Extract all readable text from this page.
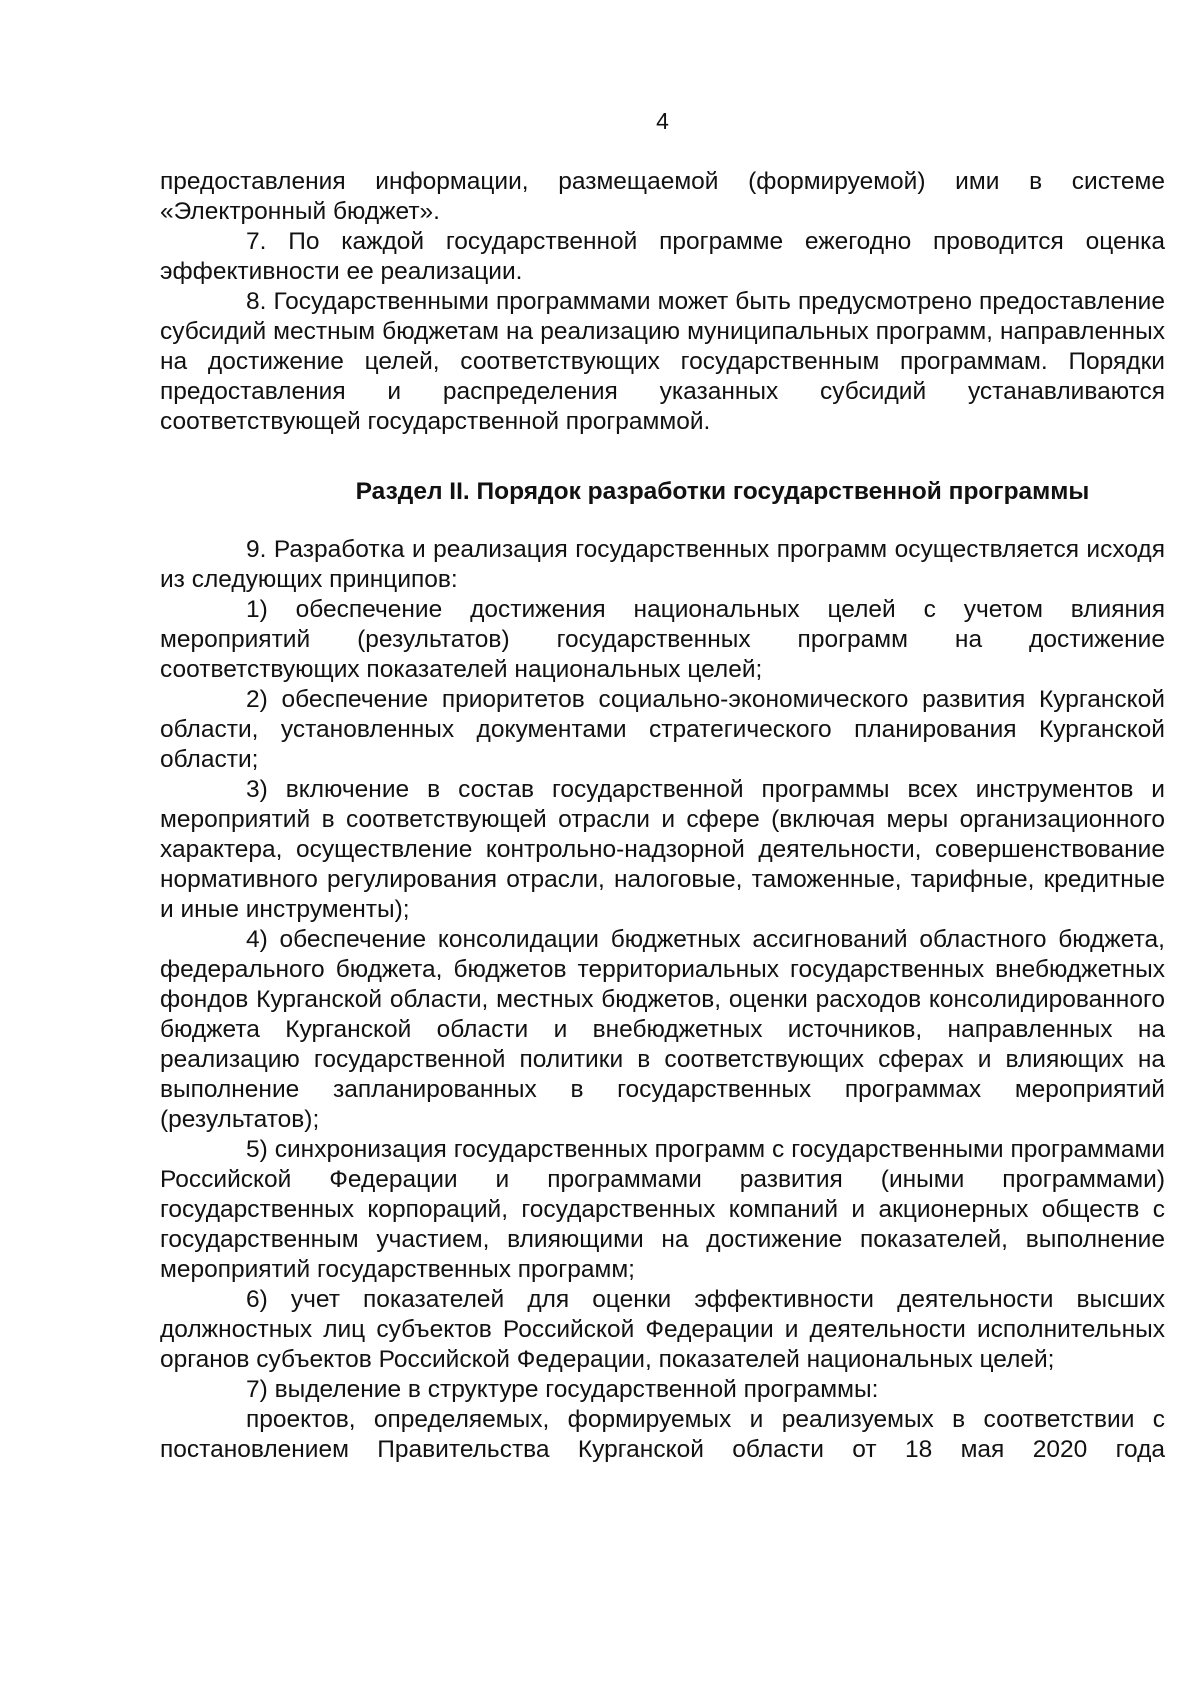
4

предоставления информации, размещаемой (формируемой) ими в системе «Электронный бюджет».

7. По каждой государственной программе ежегодно проводится оценка эффективности ее реализации.

8. Государственными программами может быть предусмотрено предоставление субсидий местным бюджетам на реализацию муниципальных программ, направленных на достижение целей, соответствующих государственным программам. Порядки предоставления и распределения указанных субсидий устанавливаются соответствующей государственной программой.

Раздел II. Порядок разработки государственной программы

9. Разработка и реализация государственных программ осуществляется исходя из следующих принципов:

1) обеспечение достижения национальных целей с учетом влияния мероприятий (результатов) государственных программ на достижение соответствующих показателей национальных целей;

2) обеспечение приоритетов социально-экономического развития Курганской области, установленных документами стратегического планирования Курганской области;

3) включение в состав государственной программы всех инструментов и мероприятий в соответствующей отрасли и сфере (включая меры организационного характера, осуществление контрольно-надзорной деятельности, совершенствование нормативного регулирования отрасли, налоговые, таможенные, тарифные, кредитные и иные инструменты);

4) обеспечение консолидации бюджетных ассигнований областного бюджета, федерального бюджета, бюджетов территориальных государственных внебюджетных фондов Курганской области, местных бюджетов, оценки расходов консолидированного бюджета Курганской области и внебюджетных источников, направленных на реализацию государственной политики в соответствующих сферах и влияющих на выполнение запланированных в государственных программах мероприятий (результатов);

5) синхронизация государственных программ с государственными программами Российской Федерации и программами развития (иными программами) государственных корпораций, государственных компаний и акционерных обществ с государственным участием, влияющими на достижение показателей, выполнение мероприятий государственных программ;

6) учет показателей для оценки эффективности деятельности высших должностных лиц субъектов Российской Федерации и деятельности исполнительных органов субъектов Российской Федерации, показателей национальных целей;

7) выделение в структуре государственной программы:

проектов, определяемых, формируемых и реализуемых в соответствии с постановлением Правительства Курганской области от 18 мая 2020 года
